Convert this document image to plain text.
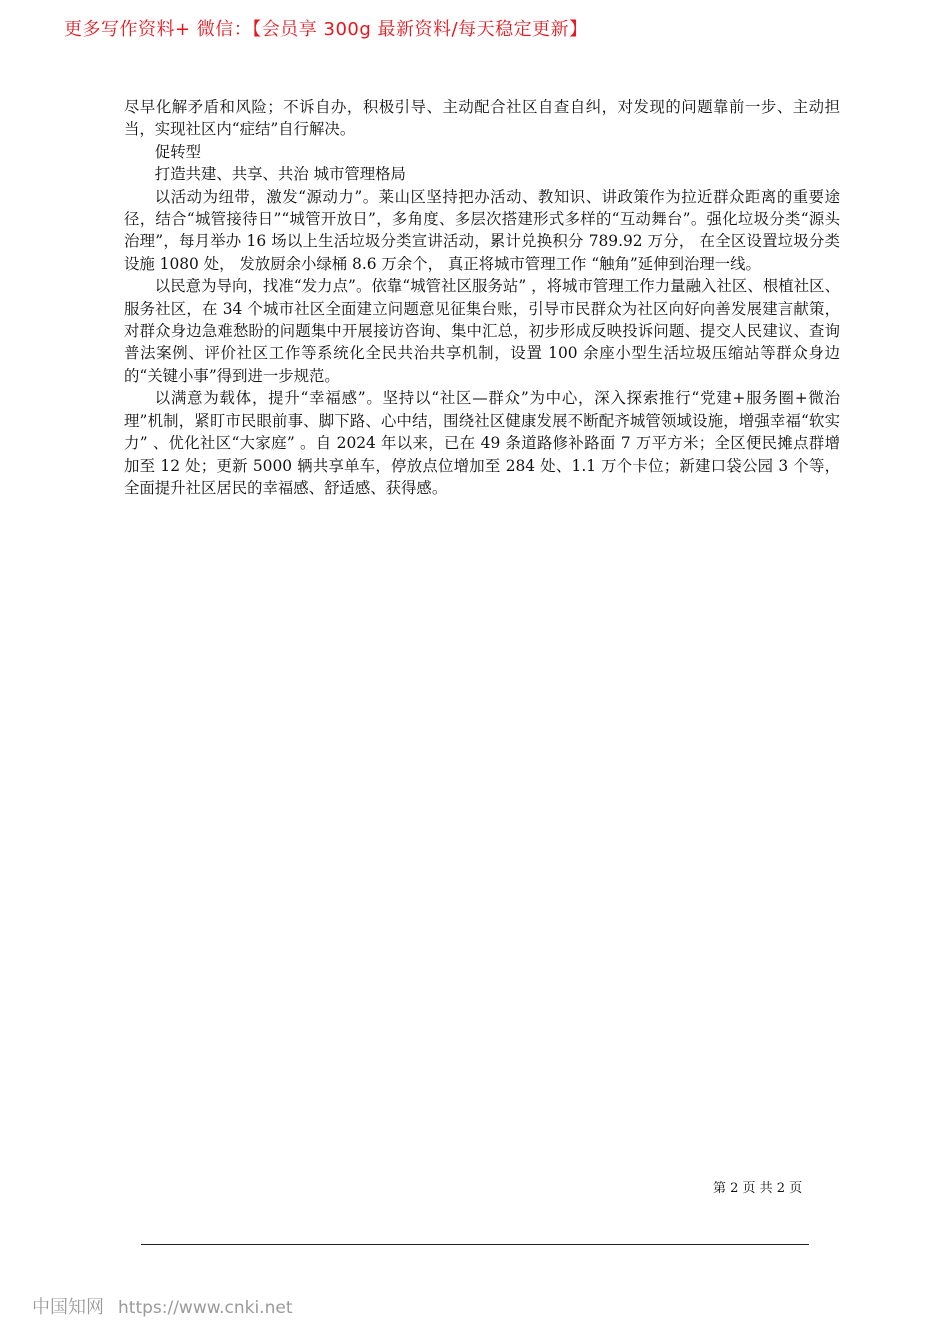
更多写作资料+ 微信：【会员享 300g 最新资料/每天稳定更新】

尽早化解矛盾和风险；不诉自办，积极引导、主动配合社区自查自纠，对发现的问题靠前一步、主动担当，实现社区内“症结”自行解决。

促转型

打造共建、共享、共治 城市管理格局

以活动为纽带，激发“源动力”。莱山区坚持把办活动、教知识、讲政策作为拉近群众距离的重要途径，结合“城管接待日”“城管开放日”，多角度、多层次搭建形式多样的“互动舞台”。强化垃圾分类“源头治理”，每月举办 16 场以上生活垃圾分类宣讲活动，累计兑换积分 789.92 万分， 在全区设置垃圾分类设施 1080 处， 发放厨余小绿桶 8.6 万余个， 真正将城市管理工作 “触角”延伸到治理一线。

以民意为导向，找准“发力点”。依靠“城管社区服务站” ，将城市管理工作力量融入社区、根植社区、服务社区，在 34 个城市社区全面建立问题意见征集台账，引导市民群众为社区向好向善发展建言献策，对群众身边急难愁盼的问题集中开展接访咨询、集中汇总，初步形成反映投诉问题、提交人民建议、查询普法案例、评价社区工作等系统化全民共治共享机制，设置 100 余座小型生活垃圾压缩站等群众身边的“关键小事”得到进一步规范。

以满意为载体，提升“幸福感”。坚持以“社区—群众”为中心，深入探索推行“党建+服务圈+微治理”机制，紧盯市民眼前事、脚下路、心中结，围绕社区健康发展不断配齐城管领域设施，增强幸福“软实力” 、优化社区“大家庭” 。自 2024 年以来，已在 49 条道路修补路面 7 万平方米；全区便民摊点群增加至 12 处；更新 5000 辆共享单车，停放点位增加至 284 处、1.1 万个卡位；新建口袋公园 3 个等，全面提升社区居民的幸福感、舒适感、获得感。

第 2 页 共 2 页
中国知网 https://www.cnki.net
